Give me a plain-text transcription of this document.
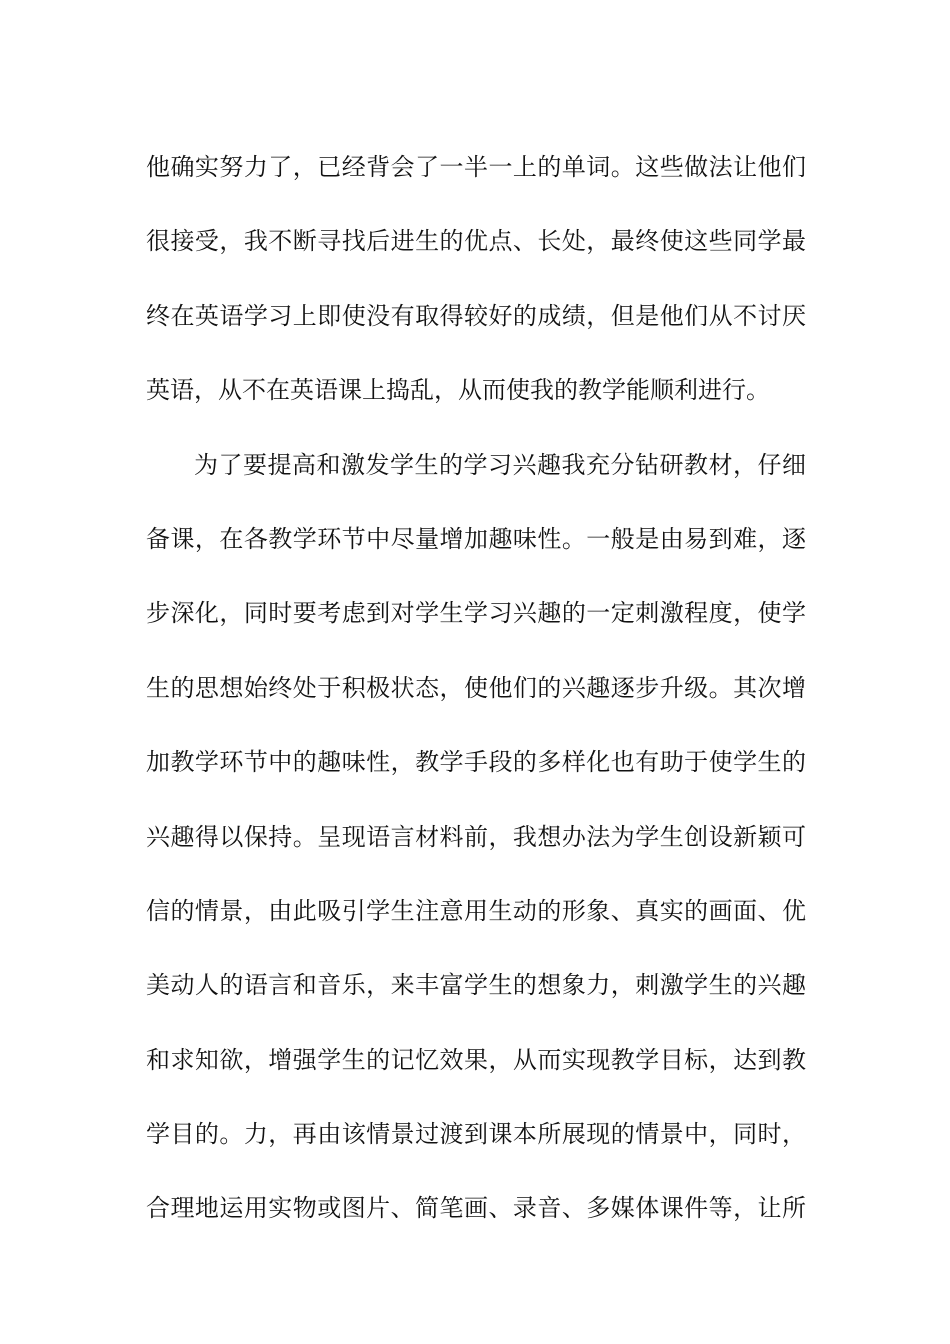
他确实努力了，已经背会了一半一上的单词。这些做法让他们
很接受，我不断寻找后进生的优点、长处，最终使这些同学最
终在英语学习上即使没有取得较好的成绩，但是他们从不讨厌
英语，从不在英语课上捣乱，从而使我的教学能顺利进行。
为了要提高和激发学生的学习兴趣我充分钻研教材，仔细
备课，在各教学环节中尽量增加趣味性。一般是由易到难，逐
步深化，同时要考虑到对学生学习兴趣的一定刺激程度，使学
生的思想始终处于积极状态，使他们的兴趣逐步升级。其次增
加教学环节中的趣味性，教学手段的多样化也有助于使学生的
兴趣得以保持。呈现语言材料前，我想办法为学生创设新颖可
信的情景，由此吸引学生注意用生动的形象、真实的画面、优
美动人的语言和音乐，来丰富学生的想象力，刺激学生的兴趣
和求知欲，增强学生的记忆效果，从而实现教学目标，达到教
学目的。力，再由该情景过渡到课本所展现的情景中，同时，
合理地运用实物或图片、简笔画、录音、多媒体课件等，让所
